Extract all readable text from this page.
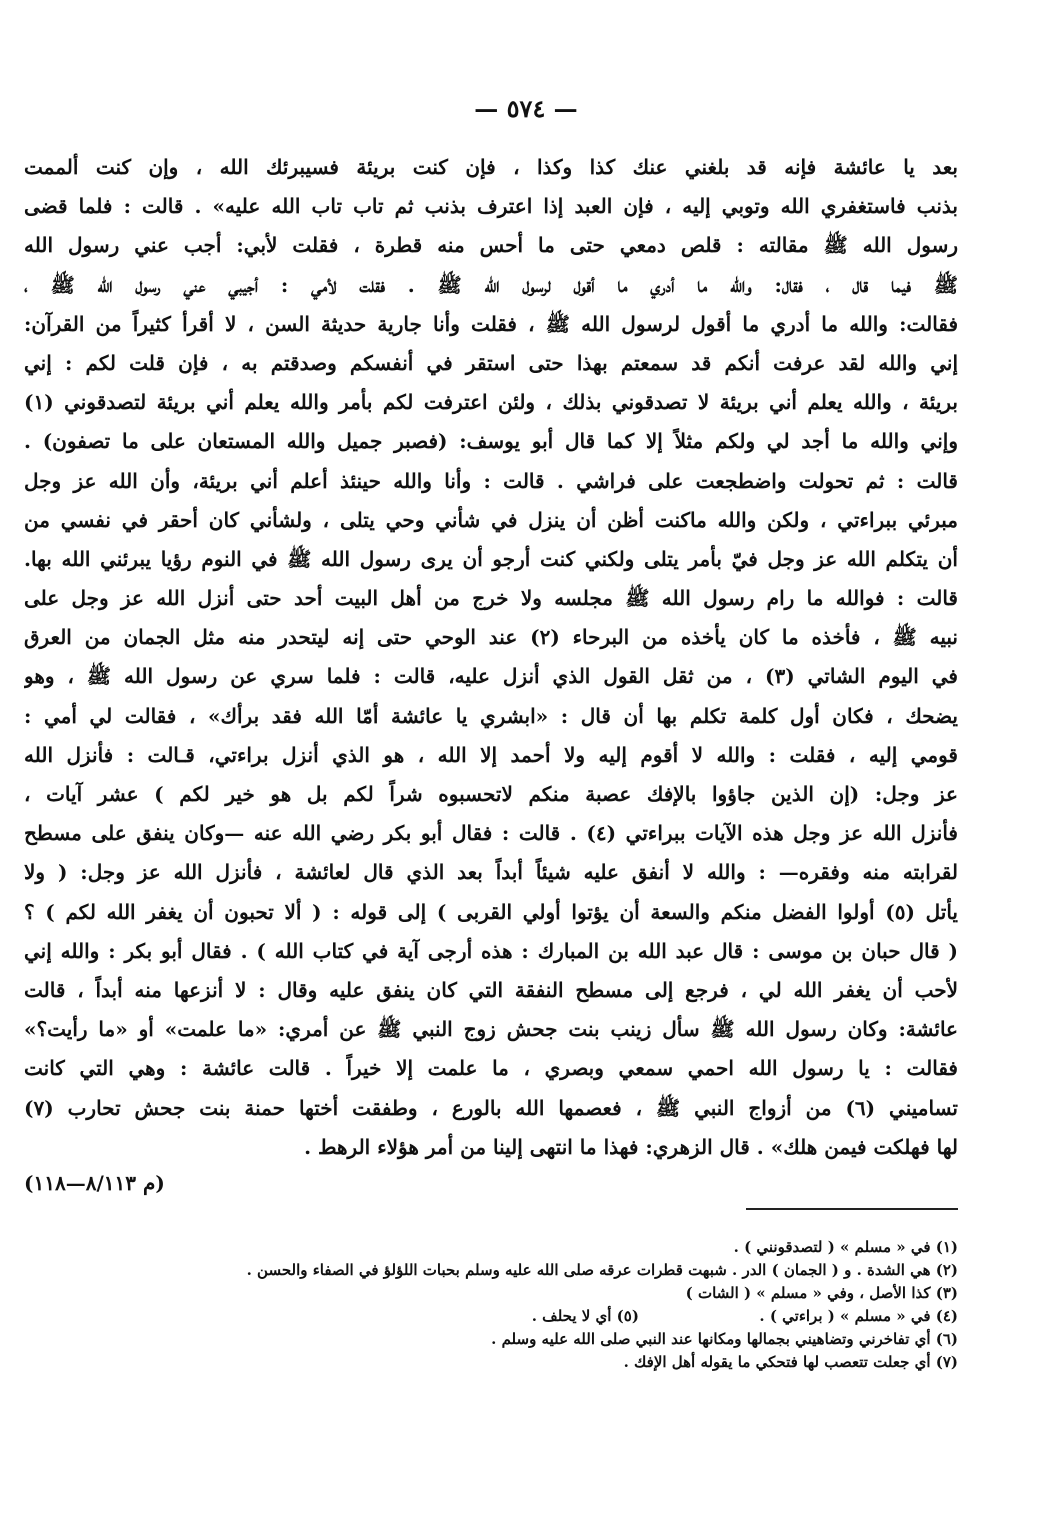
— ٥٧٤ —
بعد يا عائشة فإنه قد بلغني عنك كذا وكذا ، فإن كنت بريئة فسيبرئك الله ، وإن كنت ألممت
بذنب فاستغفري الله وتوبي إليه ، فإن العبد إذا اعترف بذنب ثم تاب تاب الله عليه» . قالت : فلما قضى
رسول الله ﷺ مقالته : قلص دمعي حتى ما أحس منه قطرة ، فقلت لأبي: أجب عني رسول الله
ﷺ فيما قال ، فقال: والله ما أدري ما أقول لرسول الله ﷺ . فقلت لأمي : أجيبي عني رسول الله ﷺ ،
فقالت: والله ما أدري ما أقول لرسول الله ﷺ ، فقلت وأنا جارية حديثة السن ، لا أقرأ كثيراً من القرآن:
إني والله لقد عرفت أنكم قد سمعتم بهذا حتى استقر في أنفسكم وصدقتم به ، فإن قلت لكم : إني
بريئة ، والله يعلم أني بريئة لا تصدقوني بذلك ، ولئن اعترفت لكم بأمر والله يعلم أني بريئة لتصدقوني (١)
وإني والله ما أجد لي ولكم مثلاً إلا كما قال أبو يوسف: (فصبر جميل والله المستعان على ما تصفون) .
قالت : ثم تحولت واضطجعت على فراشي . قالت : وأنا والله حينئذ أعلم أني بريئة، وأن الله عز وجل
مبرئي ببراءتي ، ولكن والله ماكنت أظن أن ينزل في شأني وحي يتلى ، ولشأني كان أحقر في نفسي من
أن يتكلم الله عز وجل فيّ بأمر يتلى ولكني كنت أرجو أن يرى رسول الله ﷺ في النوم رؤيا يبرئني الله بها.
قالت : فوالله ما رام رسول الله ﷺ مجلسه ولا خرج من أهل البيت أحد حتى أنزل الله عز وجل على
نبيه ﷺ ، فأخذه ما كان يأخذه من البرحاء (٢) عند الوحي حتى إنه ليتحدر منه مثل الجمان من العرق
في اليوم الشاتي (٣) ، من ثقل القول الذي أنزل عليه، قالت : فلما سري عن رسول الله ﷺ ، وهو
يضحك ، فكان أول كلمة تكلم بها أن قال : «ابشري يا عائشة أمّا الله فقد برأك» ، فقالت لي أمي :
قومي إليه ، فقلت : والله لا أقوم إليه ولا أحمد إلا الله ، هو الذي أنزل براءتي، قـالت : فأنزل الله
عز وجل: (إن الذين جاؤوا بالإفك عصبة منكم لاتحسبوه شراً لكم بل هو خير لكم ) عشر آيات ،
فأنزل الله عز وجل هذه الآيات ببراءتي (٤) . قالت : فقال أبو بكر رضي الله عنه —وكان ينفق على مسطح
لقرابته منه وفقره— : والله لا أنفق عليه شيئاً أبداً بعد الذي قال لعائشة ، فأنزل الله عز وجل: ( ولا
يأتل (٥) أولوا الفضل منكم والسعة أن يؤتوا أولي القربى ) إلى قوله : ( ألا تحبون أن يغفر الله لكم ) ؟
( قال حبان بن موسى : قال عبد الله بن المبارك : هذه أرجى آية في كتاب الله ) . فقال أبو بكر : والله إني
لأحب أن يغفر الله لي ، فرجع إلى مسطح النفقة التي كان ينفق عليه وقال : لا أنزعها منه أبداً ، قالت
عائشة: وكان رسول الله ﷺ سأل زينب بنت جحش زوج النبي ﷺ عن أمري: «ما علمت» أو «ما رأيت؟»
فقالت : يا رسول الله احمي سمعي وبصري ، ما علمت إلا خيراً . قالت عائشة : وهي التي كانت
تساميني (٦) من أزواج النبي ﷺ ، فعصمها الله بالورع ، وطفقت أختها حمنة بنت جحش تحارب (٧)
لها فهلكت فيمن هلك» . قال الزهري: فهذا ما انتهى إلينا من أمر هؤلاء الرهط .
(م ٨/١١٣—١١٨)
(١) في « مسلم » ( لتصدقونني ) .
(٢) هي الشدة . و ( الجمان ) الدر . شبهت قطرات عرقه صلى الله عليه وسلم بحبات اللؤلؤ في الصفاء والحسن .
(٣) كذا الأصل ، وفي « مسلم » ( الشات )
(٤) في « مسلم » ( براءتي ) .  (٥) أي لا يحلف .
(٦) أي تفاخرني وتضاهيني بجمالها ومكانها عند النبي صلى الله عليه وسلم .
(٧) أي جعلت تتعصب لها فتحكي ما يقوله أهل الإفك .
